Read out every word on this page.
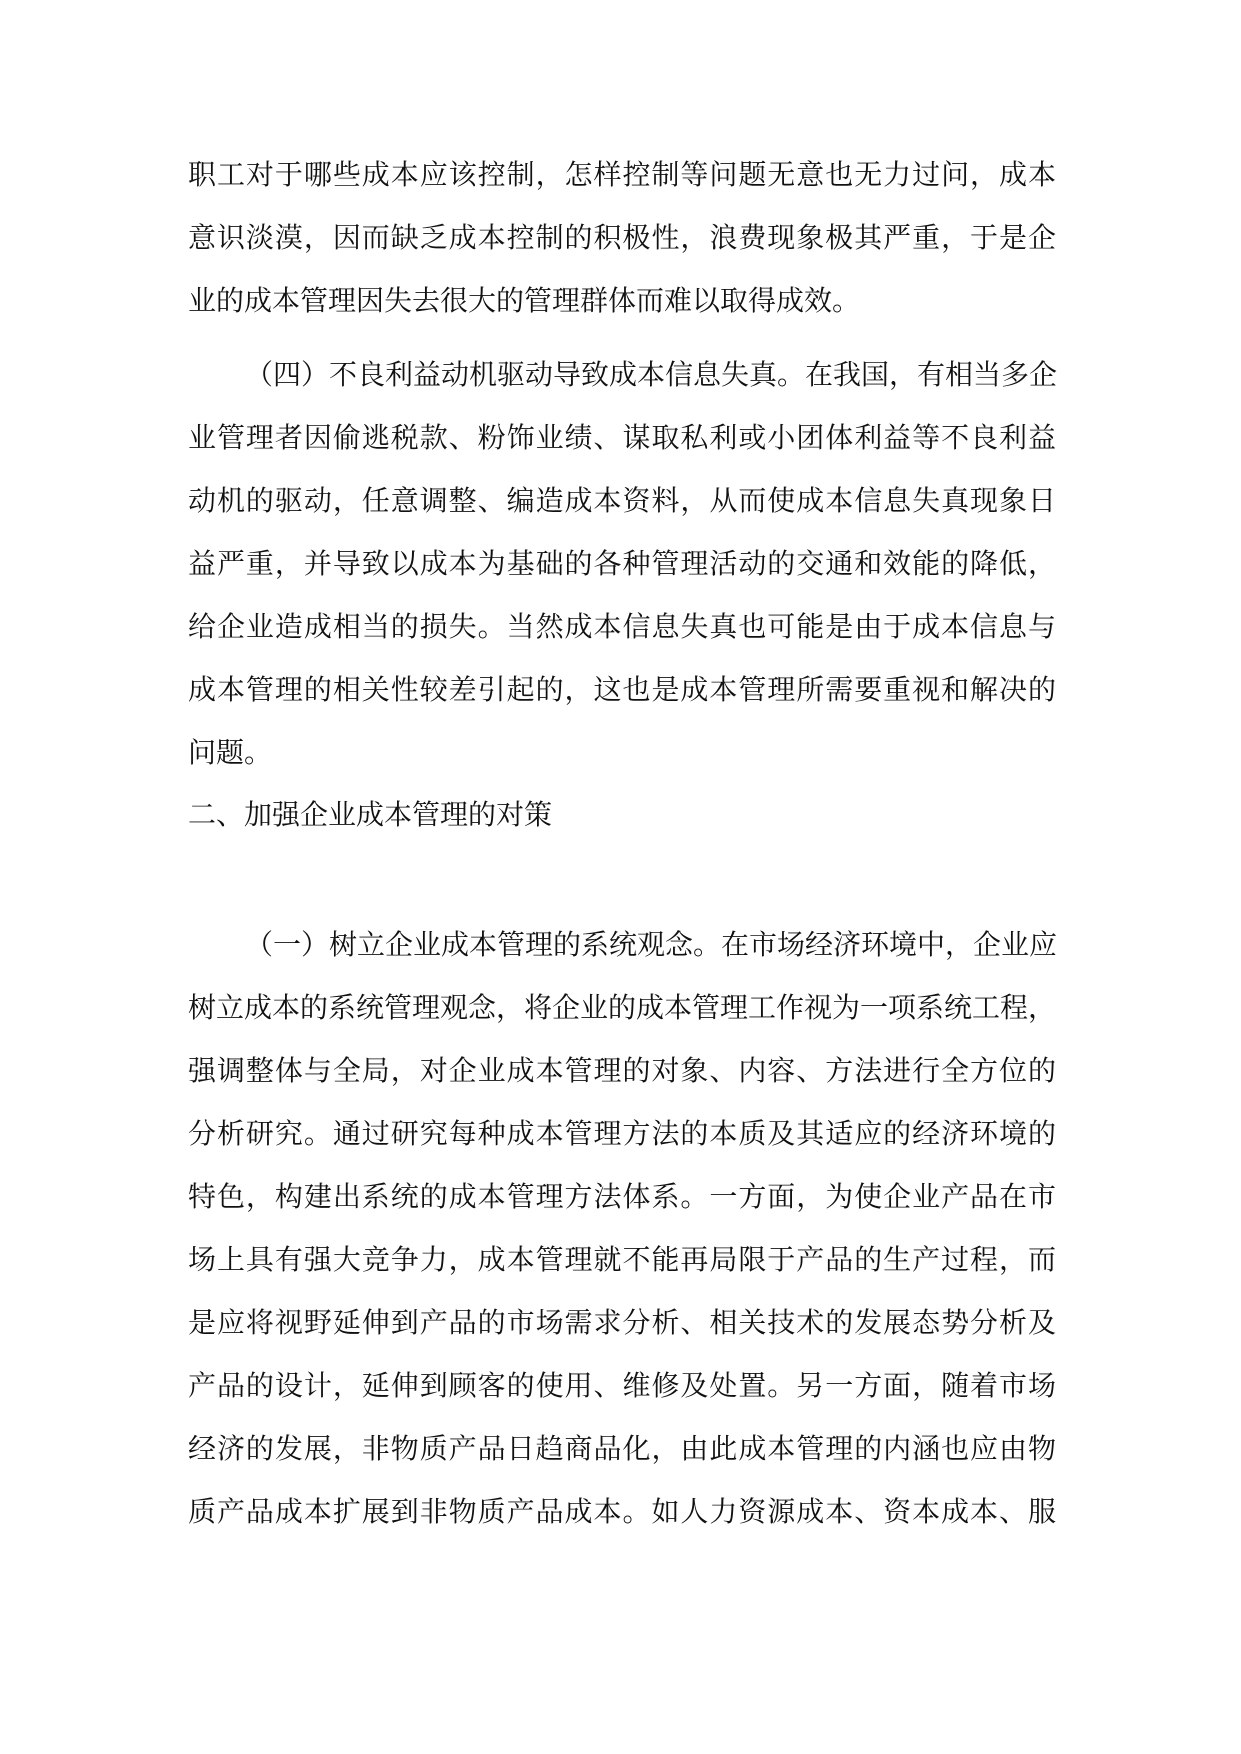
职工对于哪些成本应该控制，怎样控制等问题无意也无力过问，成本

意识淡漠，因而缺乏成本控制的积极性，浪费现象极其严重，于是企

业的成本管理因失去很大的管理群体而难以取得成效。

（四）不良利益动机驱动导致成本信息失真。在我国，有相当多企

业管理者因偷逃税款、粉饰业绩、谋取私利或小团体利益等不良利益

动机的驱动，任意调整、编造成本资料，从而使成本信息失真现象日

益严重，并导致以成本为基础的各种管理活动的交通和效能的降低，

给企业造成相当的损失。当然成本信息失真也可能是由于成本信息与

成本管理的相关性较差引起的，这也是成本管理所需要重视和解决的

问题。

二、加强企业成本管理的对策

（一）树立企业成本管理的系统观念。在市场经济环境中，企业应

树立成本的系统管理观念，将企业的成本管理工作视为一项系统工程，

强调整体与全局，对企业成本管理的对象、内容、方法进行全方位的

分析研究。通过研究每种成本管理方法的本质及其适应的经济环境的

特色，构建出系统的成本管理方法体系。一方面，为使企业产品在市

场上具有强大竞争力，成本管理就不能再局限于产品的生产过程，而

是应将视野延伸到产品的市场需求分析、相关技术的发展态势分析及

产品的设计，延伸到顾客的使用、维修及处置。另一方面，随着市场

经济的发展，非物质产品日趋商品化，由此成本管理的内涵也应由物

质产品成本扩展到非物质产品成本。如人力资源成本、资本成本、服
